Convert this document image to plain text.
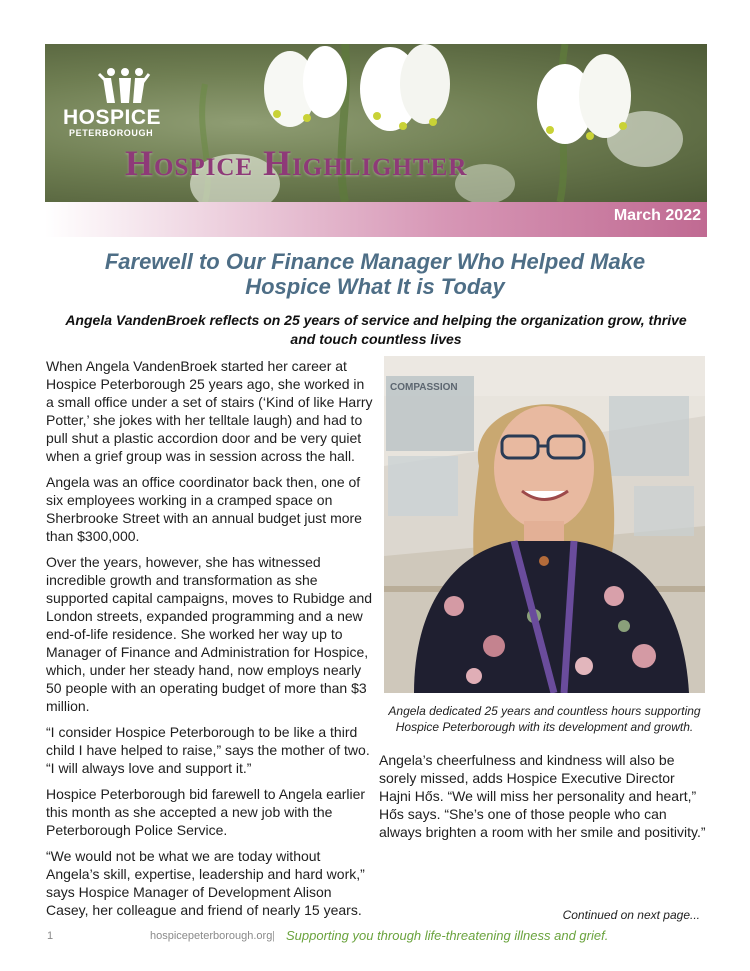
HOSPICE
PETERBOROUGH
Hospice Highlighter
March 2022
Farewell to Our Finance Manager Who Helped Make
Hospice What It is Today
Angela VandenBroek reflects on 25 years of service and helping the organization grow, thrive
and touch countless lives

When Angela VandenBroek started her career at Hospice Peterborough 25 years ago, she worked in a small office under a set of stairs (‘Kind of like Harry Potter,’ she jokes with her telltale laugh) and had to pull shut a plastic accordion door and be very quiet when a grief group was in session across the hall.

Angela was an office coordinator back then, one of six employees working in a cramped space on Sherbrooke Street with an annual budget just more than $300,000.

Over the years, however, she has witnessed incredible growth and transformation as she supported capital campaigns, moves to Rubidge and London streets, expanded programming and a new end-of-life residence. She worked her way up to Manager of Finance and Administration for Hospice, which, under her steady hand, now employs nearly 50 people with an operating budget of more than $3 million.

“I consider Hospice Peterborough to be like a third child I have helped to raise,” says the mother of two. “I will always love and support it.”

Hospice Peterborough bid farewell to Angela earlier this month as she accepted a new job with the Peterborough Police Service.

“We would not be what we are today without Angela’s skill, expertise, leadership and hard work,” says Hospice Manager of Development Alison Casey, her colleague and friend of nearly 15 years.

COMPASSION
Angela dedicated 25 years and countless hours supporting
Hospice Peterborough with its development and growth.

Angela’s cheerfulness and kindness will also be sorely missed, adds Hospice Executive Director Hajni Hős. “We will miss her personality and heart,” Hős says. “She’s one of those people who can always brighten a room with her smile and positivity.”

Continued on next page...
1	hospicepeterborough.org | Supporting you through life-threatening illness and grief.
